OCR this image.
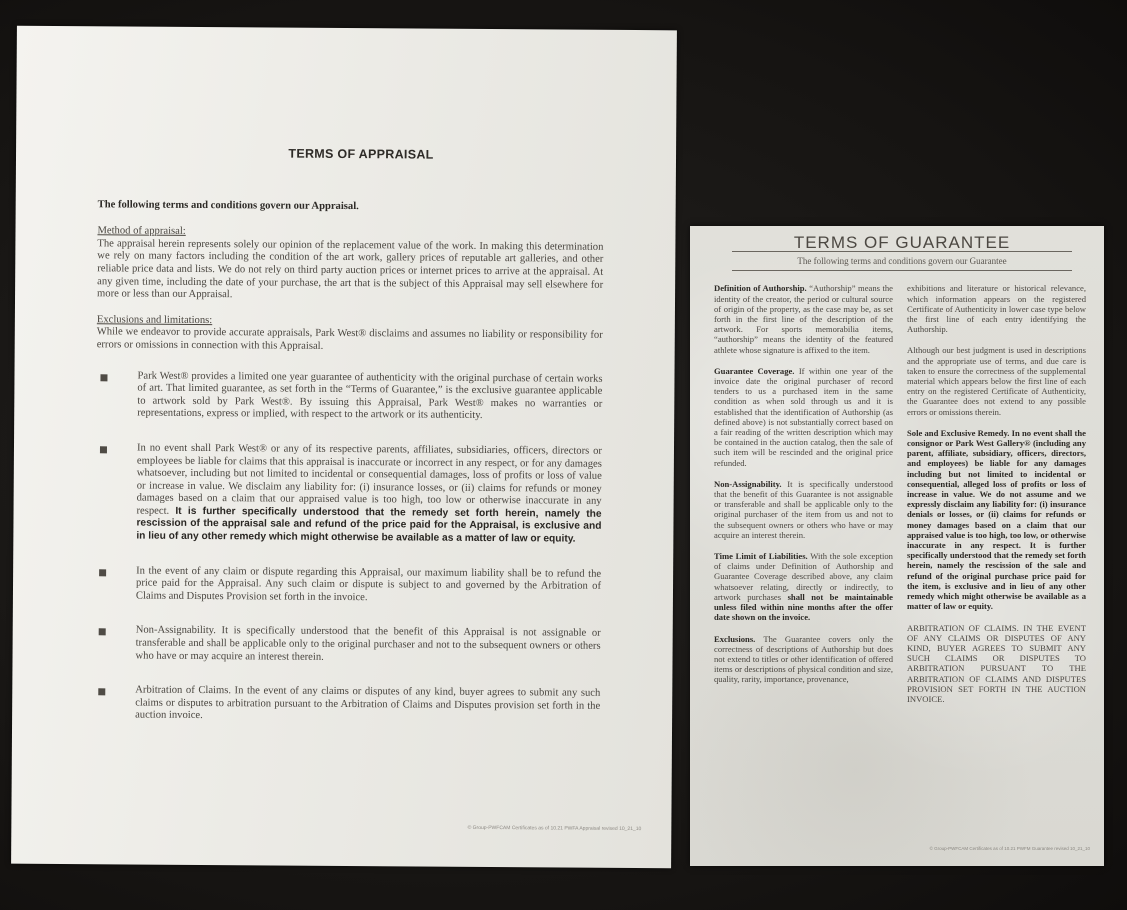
TERMS OF APPRAISAL
The following terms and conditions govern our Appraisal.

Method of appraisal:
The appraisal herein represents solely our opinion of the replacement value of the work. In making this determination we rely on many factors including the condition of the art work, gallery prices of reputable art galleries, and other reliable price data and lists. We do not rely on third party auction prices or internet prices to arrive at the appraisal. At any given time, including the date of your purchase, the art that is the subject of this Appraisal may sell elsewhere for more or less than our Appraisal.

Exclusions and limitations:
While we endeavor to provide accurate appraisals, Park West® disclaims and assumes no liability or responsibility for errors or omissions in connection with this Appraisal.

Park West® provides a limited one year guarantee of authenticity with the original purchase of certain works of art. That limited guarantee, as set forth in the “Terms of Guarantee,” is the exclusive guarantee applicable to artwork sold by Park West®. By issuing this Appraisal, Park West® makes no warranties or representations, express or implied, with respect to the artwork or its authenticity.
In no event shall Park West® or any of its respective parents, affiliates, subsidiaries, officers, directors or employees be liable for claims that this appraisal is inaccurate or incorrect in any respect, or for any damages whatsoever, including but not limited to incidental or consequential damages, loss of profits or loss of value or increase in value. We disclaim any liability for: (i) insurance losses, or (ii) claims for refunds or money damages based on a claim that our appraised value is too high, too low or otherwise inaccurate in any respect. It is further specifically understood that the remedy set forth herein, namely the rescission of the appraisal sale and refund of the price paid for the Appraisal, is exclusive and in lieu of any other remedy which might otherwise be available as a matter of law or equity.
In the event of any claim or dispute regarding this Appraisal, our maximum liability shall be to refund the price paid for the Appraisal. Any such claim or dispute is subject to and governed by the Arbitration of Claims and Disputes Provision set forth in the invoice.
Non-Assignability. It is specifically understood that the benefit of this Appraisal is not assignable or transferable and shall be applicable only to the original purchaser and not to the subsequent owners or others who have or may acquire an interest therein.
Arbitration of Claims. In the event of any claims or disputes of any kind, buyer agrees to submit any such claims or disputes to arbitration pursuant to the Arbitration of Claims and Disputes provision set forth in the auction invoice.
© Group-PWFCAM Certificates as of 10.21 PWFA Appraisal revised 10_21_10
TERMS OF GUARANTEE
The following terms and conditions govern our Guarantee

Definition of Authorship. “Authorship” means the identity of the creator, the period or cultural source of origin of the property, as the case may be, as set forth in the first line of the description of the artwork. For sports memorabilia items, “authorship” means the identity of the featured athlete whose signature is affixed to the item.

Guarantee Coverage. If within one year of the invoice date the original purchaser of record tenders to us a purchased item in the same condition as when sold through us and it is established that the identification of Authorship (as defined above) is not substantially correct based on a fair reading of the written description which may be contained in the auction catalog, then the sale of such item will be rescinded and the original price refunded.

Non-Assignability. It is specifically understood that the benefit of this Guarantee is not assignable or transferable and shall be applicable only to the original purchaser of the item from us and not to the subsequent owners or others who have or may acquire an interest therein.

Time Limit of Liabilities. With the sole exception of claims under Definition of Authorship and Guarantee Coverage described above, any claim whatsoever relating, directly or indirectly, to artwork purchases shall not be maintainable unless filed within nine months after the offer date shown on the invoice.

Exclusions. The Guarantee covers only the correctness of descriptions of Authorship but does not extend to titles or other identification of offered items or descriptions of physical condition and size, quality, rarity, importance, provenance,

exhibitions and literature or historical relevance, which information appears on the registered Certificate of Authenticity in lower case type below the first line of each entry identifying the Authorship.

Although our best judgment is used in descriptions and the appropriate use of terms, and due care is taken to ensure the correctness of the supplemental material which appears below the first line of each entry on the registered Certificate of Authenticity, the Guarantee does not extend to any possible errors or omissions therein.

Sole and Exclusive Remedy. In no event shall the consignor or Park West Gallery® (including any parent, affiliate, subsidiary, officers, directors, and employees) be liable for any damages including but not limited to incidental or consequential, alleged loss of profits or loss of increase in value. We do not assume and we expressly disclaim any liability for: (i) insurance denials or losses, or (ii) claims for refunds or money damages based on a claim that our appraised value is too high, too low, or otherwise inaccurate in any respect. It is further specifically understood that the remedy set forth herein, namely the rescission of the sale and refund of the original purchase price paid for the item, is exclusive and in lieu of any other remedy which might otherwise be available as a matter of law or equity.

ARBITRATION OF CLAIMS. IN THE EVENT OF ANY CLAIMS OR DISPUTES OF ANY KIND, BUYER AGREES TO SUBMIT ANY SUCH CLAIMS OR DISPUTES TO ARBITRATION PURSUANT TO THE ARBITRATION OF CLAIMS AND DISPUTES PROVISION SET FORTH IN THE AUCTION INVOICE.

© Group-PWFCAM Certificates as of 10.21 PWFM Guarantee revised 10_21_10
